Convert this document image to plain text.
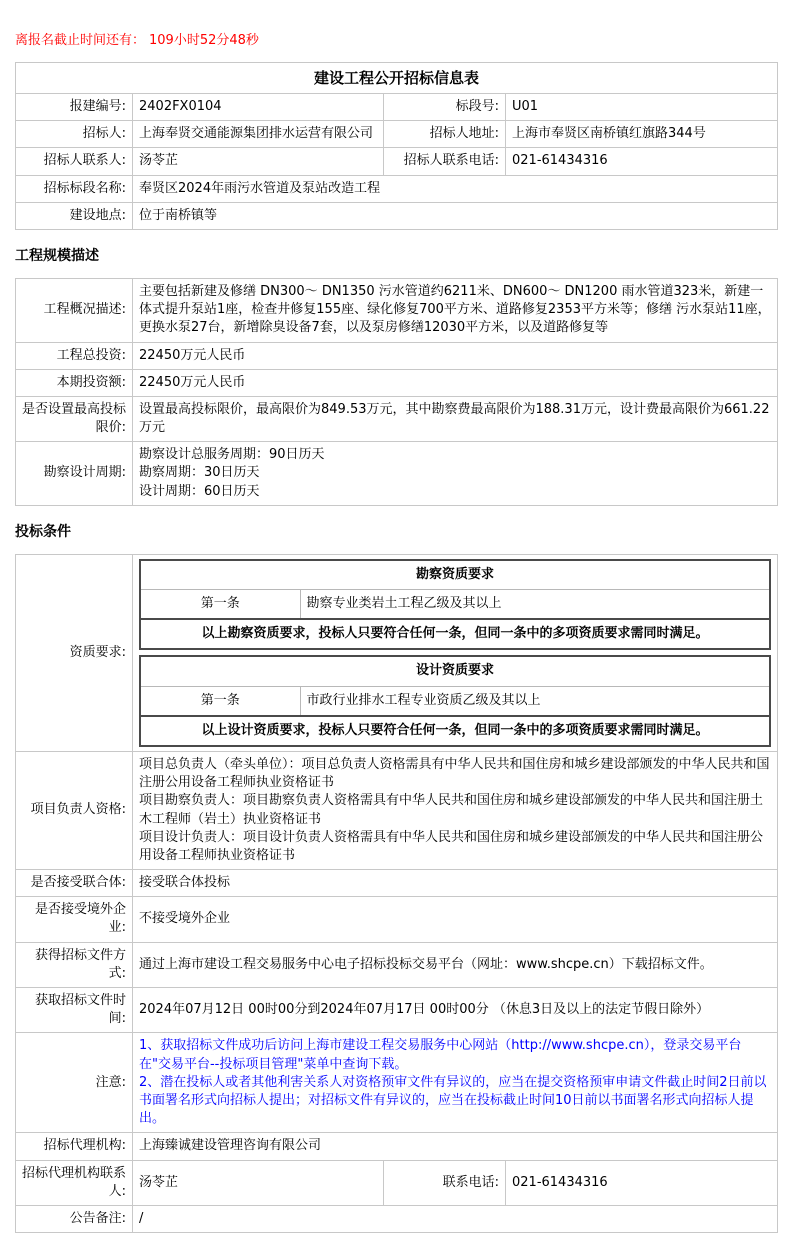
离报名截止时间还有： 109小时52分48秒
建设工程公开招标信息表			
报建编号:	2402FX0104	标段号:	U01
招标人:	上海奉贤交通能源集团排水运营有限公司	招标人地址:	上海市奉贤区南桥镇红旗路344号
招标人联系人:	汤苓芷	招标人联系电话:	021-61434316
招标标段名称:	奉贤区2024年雨污水管道及泵站改造工程		
建设地点:	位于南桥镇等		
工程规模描述
工程概况描述:	主要包括新建及修缮 DN300～ DN1350 污水管道约6211米、DN600～ DN1200 雨水管道323米，新建一体式提升泵站1座，检查井修复155座、绿化修复700平方米、道路修复2353平方米等；修缮 污水泵站11座，更换水泵27台，新增除臭设备7套，以及泵房修缮12030平方米，以及道路修复等
工程总投资:	22450万元人民币
本期投资额:	22450万元人民币
是否设置最高投标限价:	设置最高投标限价，最高限价为849.53万元，其中勘察费最高限价为188.31万元，设计费最高限价为661.22万元
勘察设计周期:	勘察设计总服务周期：90日历天
勘察周期：30日历天
设计周期：60日历天
投标条件
资质要求:	
勘察资质要求
第一条	勘察专业类岩土工程乙级及其以上
以上勘察资质要求，投标人只要符合任何一条，但同一条中的多项资质要求需同时满足。
设计资质要求
第一条	市政行业排水工程专业资质乙级及其以上
以上设计资质要求，投标人只要符合任何一条，但同一条中的多项资质要求需同时满足。

项目负责人资格:	
项目总负责人（牵头单位）：项目总负责人资格需具有中华人民共和国住房和城乡建设部颁发的中华人民共和国注册公用设备工程师执业资格证书
项目勘察负责人：项目勘察负责人资格需具有中华人民共和国住房和城乡建设部颁发的中华人民共和国注册土木工程师（岩土）执业资格证书
项目设计负责人：项目设计负责人资格需具有中华人民共和国住房和城乡建设部颁发的中华人民共和国注册公用设备工程师执业资格证书

是否接受联合体:	接受联合体投标
是否接受境外企业:	不接受境外企业
获得招标文件方式:	通过上海市建设工程交易服务中心电子招标投标交易平台（网址：www.shcpe.cn）下载招标文件。
获取招标文件时间:	2024年07月12日 00时00分到2024年07月17日 00时00分 （休息3日及以上的法定节假日除外）
注意:	
1、获取招标文件成功后访问上海市建设工程交易服务中心网站（http://www.shcpe.cn），登录交易平台在"交易平台--投标项目管理"菜单中查询下载。
2、潜在投标人或者其他利害关系人对资格预审文件有异议的，应当在提交资格预审申请文件截止时间2日前以书面署名形式向招标人提出；对招标文件有异议的，应当在投标截止时间10日前以书面署名形式向招标人提出。

招标代理机构:	上海臻诚建设管理咨询有限公司
招标代理机构联系人:	汤苓芷	联系电话:	021-61434316
公告备注:	/
